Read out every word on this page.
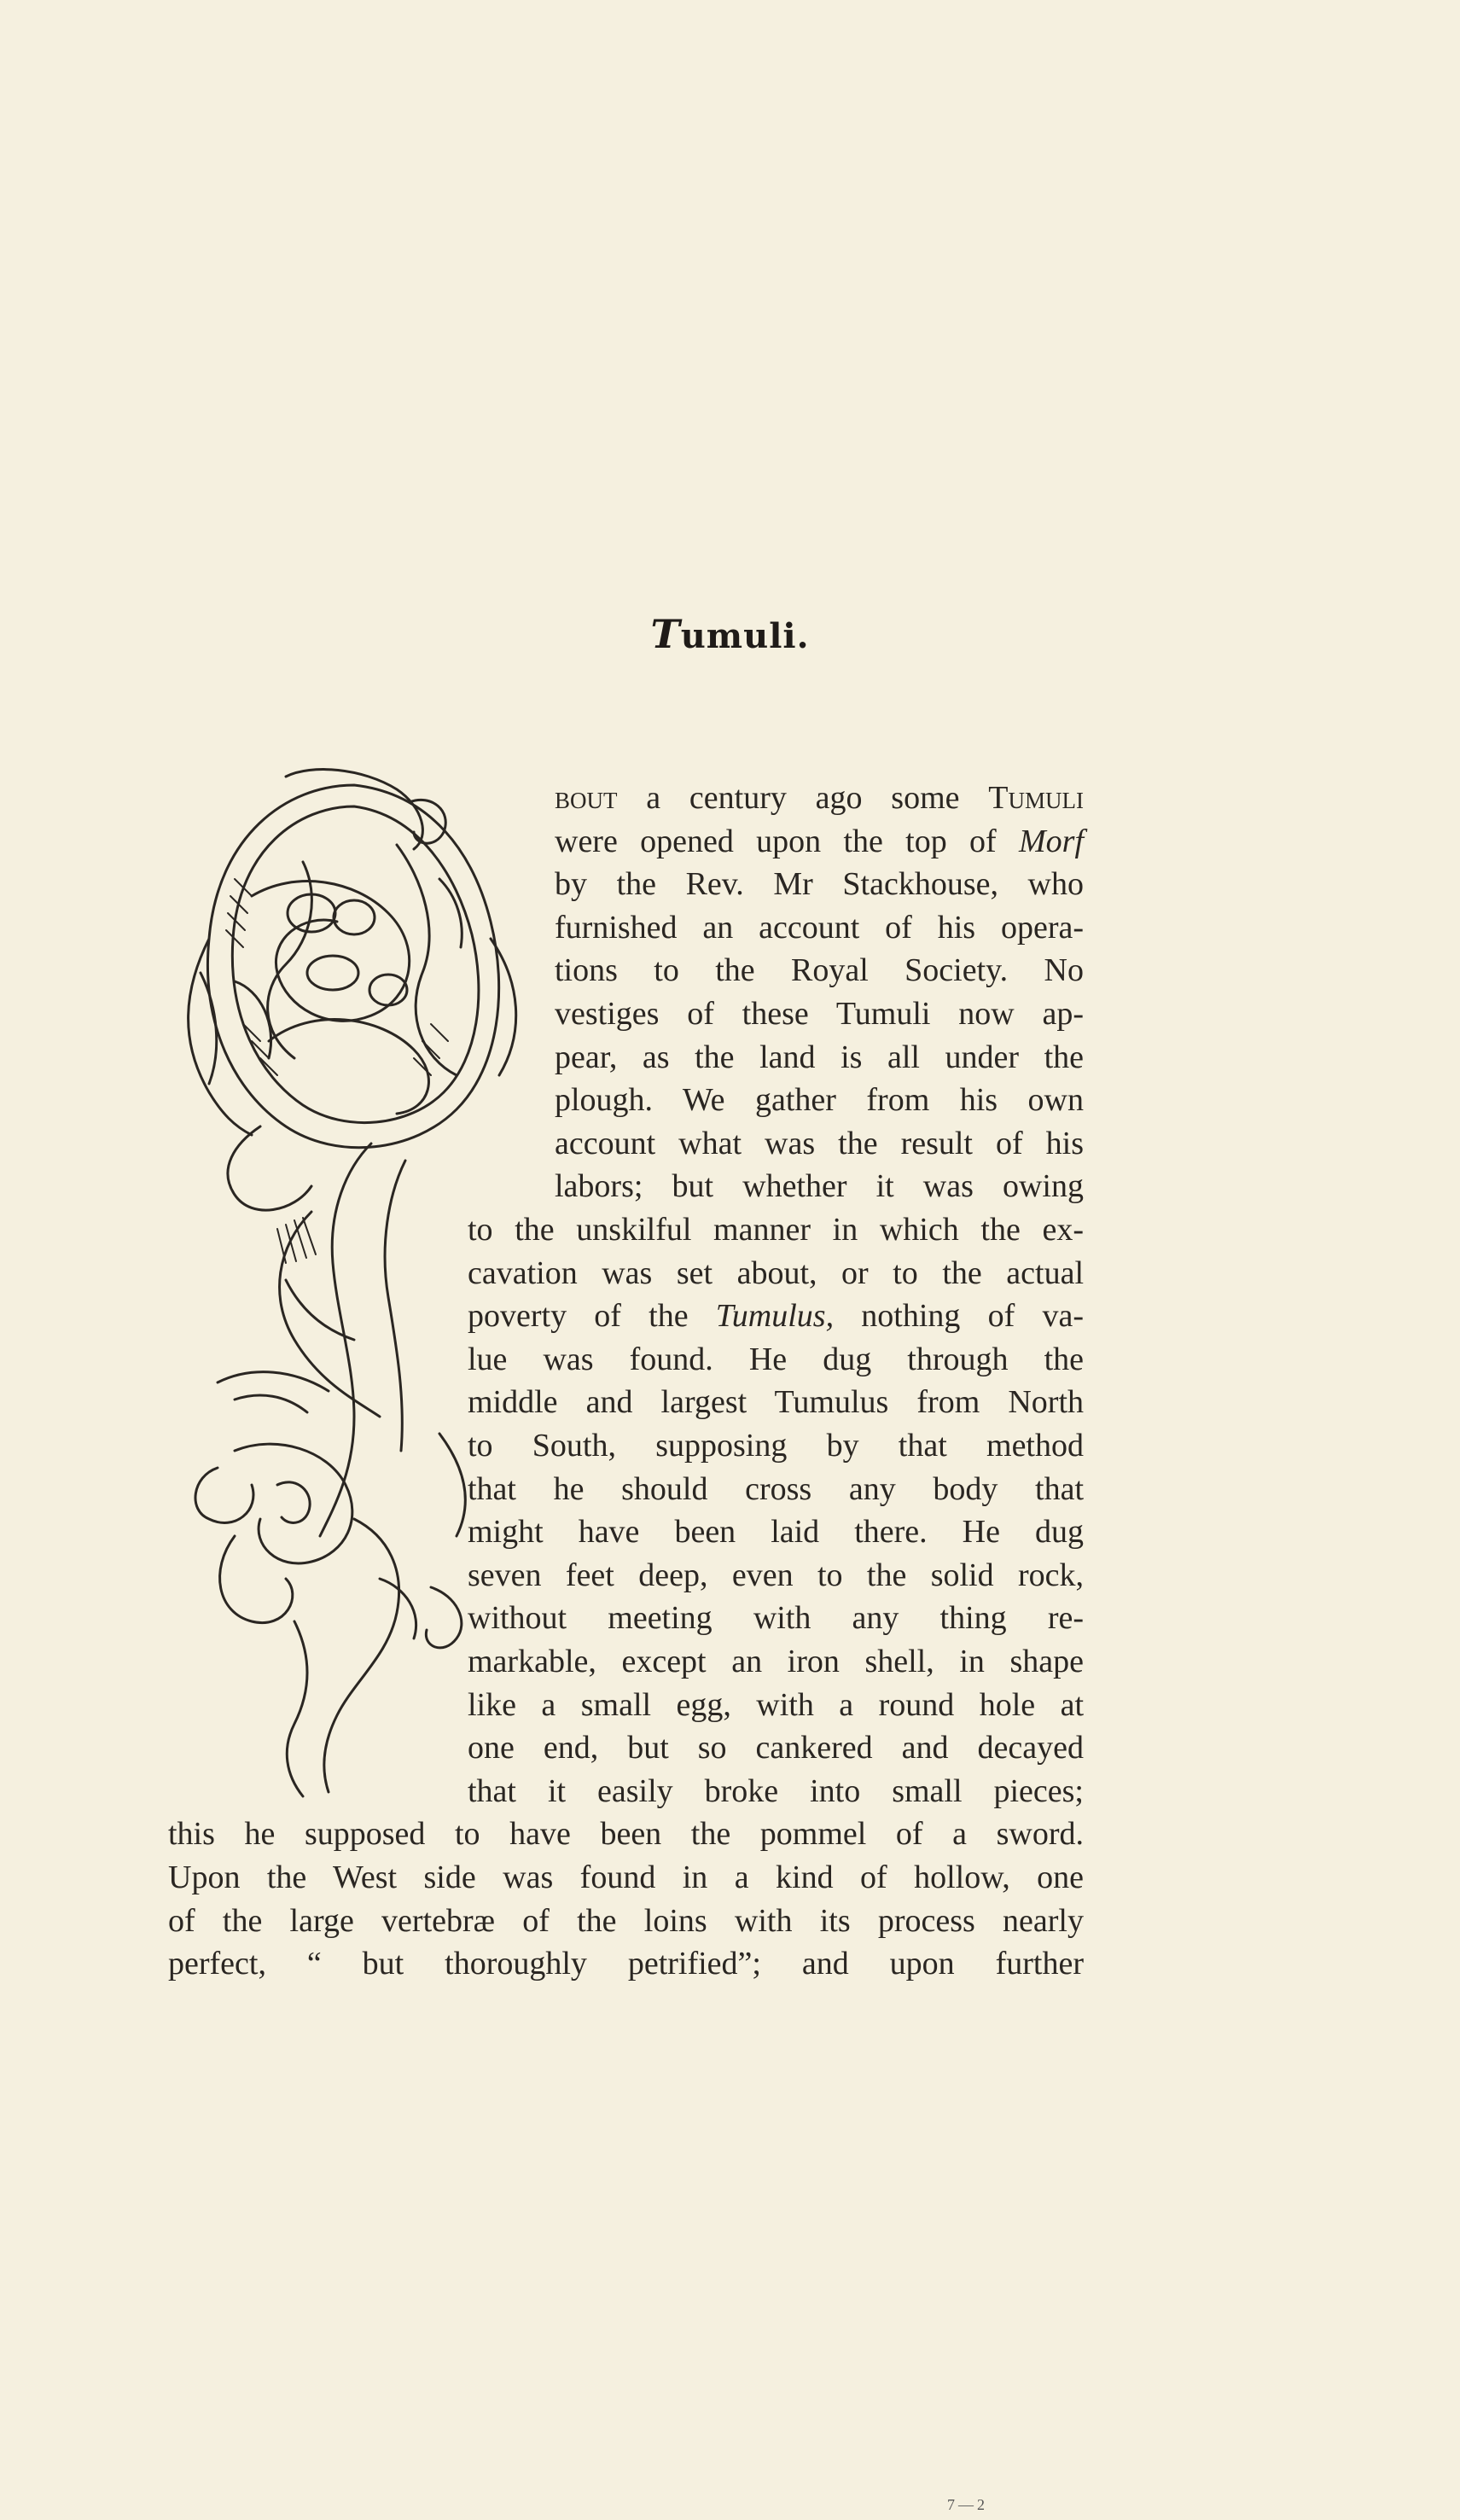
Tumuli.
bout a century ago some Tumuli
were opened upon the top of Morf
by the Rev. Mr Stackhouse, who
furnished an account of his opera-
tions to the Royal Society. No
vestiges of these Tumuli now ap-
pear, as the land is all under the
plough. We gather from his own
account what was the result of his
labors; but whether it was owing
to the unskilful manner in which the ex-
cavation was set about, or to the actual
poverty of the Tumulus, nothing of va-
lue was found. He dug through the
middle and largest Tumulus from North
to South, supposing by that method
that he should cross any body that
might have been laid there. He dug
seven feet deep, even to the solid rock,
without meeting with any thing re-
markable, except an iron shell, in shape
like a small egg, with a round hole at
one end, but so cankered and decayed
that it easily broke into small pieces;
this he supposed to have been the pommel of a sword.
Upon the West side was found in a kind of hollow, one
of the large vertebræ of the loins with its process nearly
perfect, “ but thoroughly petrified”; and upon further
7—2
